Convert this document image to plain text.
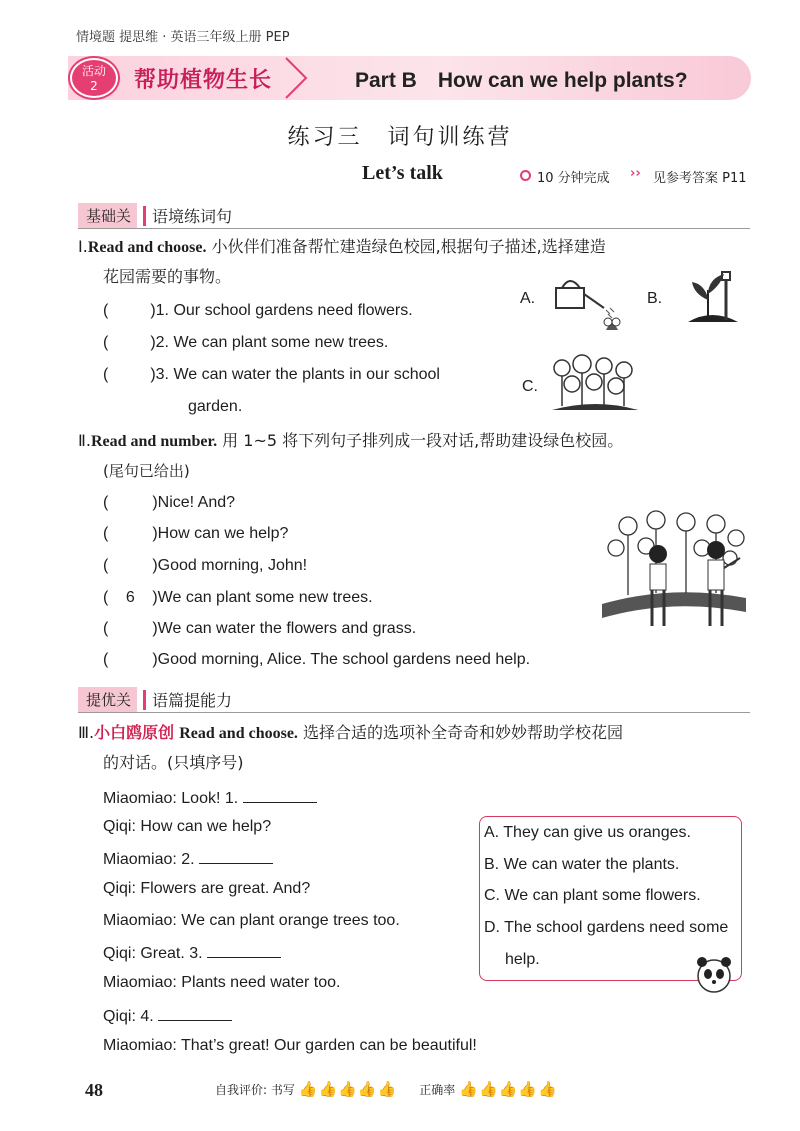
情境题 提思维 · 英语三年级上册 PEP
活动
2	帮助植物生长	Part B　How can we help plants?
练习三　词句训练营
Let’s talk	10 分钟完成 ›› 见参考答案 P11
基础关	语境练词句
Ⅰ.Read and choose. 小伙伴们准备帮忙建造绿色校园,根据句子描述,选择建造
花园需要的事物。
(	)1. Our school gardens need flowers.
(	)2. We can plant some new trees.
(	)3. We can water the plants in our school
garden.
A.	B.
C.
Ⅱ.Read and number. 用 1~5 将下列句子排列成一段对话,帮助建设绿色校园。
(尾句已给出)
(	)Nice! And?
(	)How can we help?
(	)Good morning, John!
( 6 )We can plant some new trees.
(	)We can water the flowers and grass.
(	)Good morning, Alice. The school gardens need help.
提优关	语篇提能力
Ⅲ.小白鸥原创 Read and choose. 选择合适的选项补全奇奇和妙妙帮助学校花园
的对话。(只填序号)
Miaomiao: Look! 1.
Qiqi: How can we help?
Miaomiao: 2.
Qiqi: Flowers are great. And?
Miaomiao: We can plant orange trees too.
Qiqi: Great. 3.
Miaomiao: Plants need water too.
Qiqi: 4.
Miaomiao: That’s great! Our garden can be beautiful!
A. They can give us oranges.
B. We can water the plants.
C. We can plant some flowers.
D. The school gardens need some
help.
48	自我评价: 书写 👍👍👍👍👍 正确率 👍👍👍👍👍
